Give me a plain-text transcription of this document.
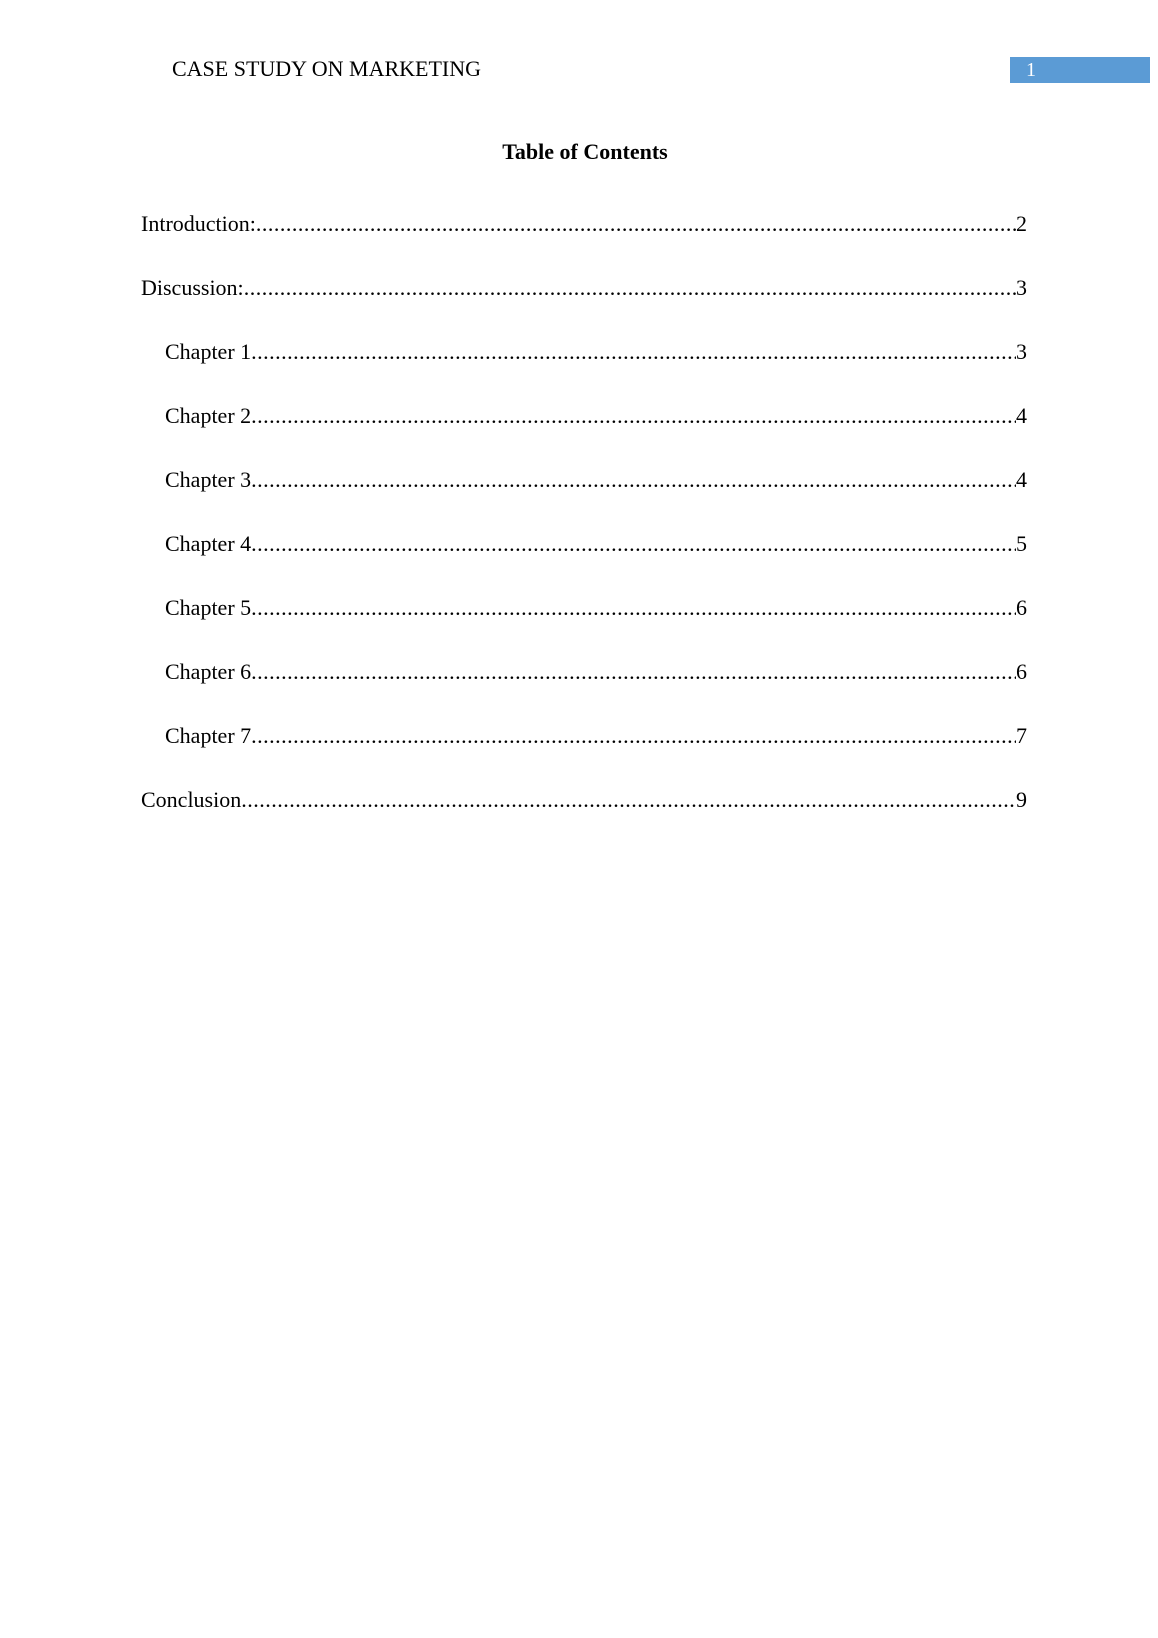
CASE STUDY ON MARKETING	1
Table of Contents
Introduction: .....	2
Discussion: .....	3
Chapter 1 .....	3
Chapter 2 .....	4
Chapter 3 .....	4
Chapter 4 .....	5
Chapter 5 .....	6
Chapter 6 .....	6
Chapter 7 .....	7
Conclusion .....	9
